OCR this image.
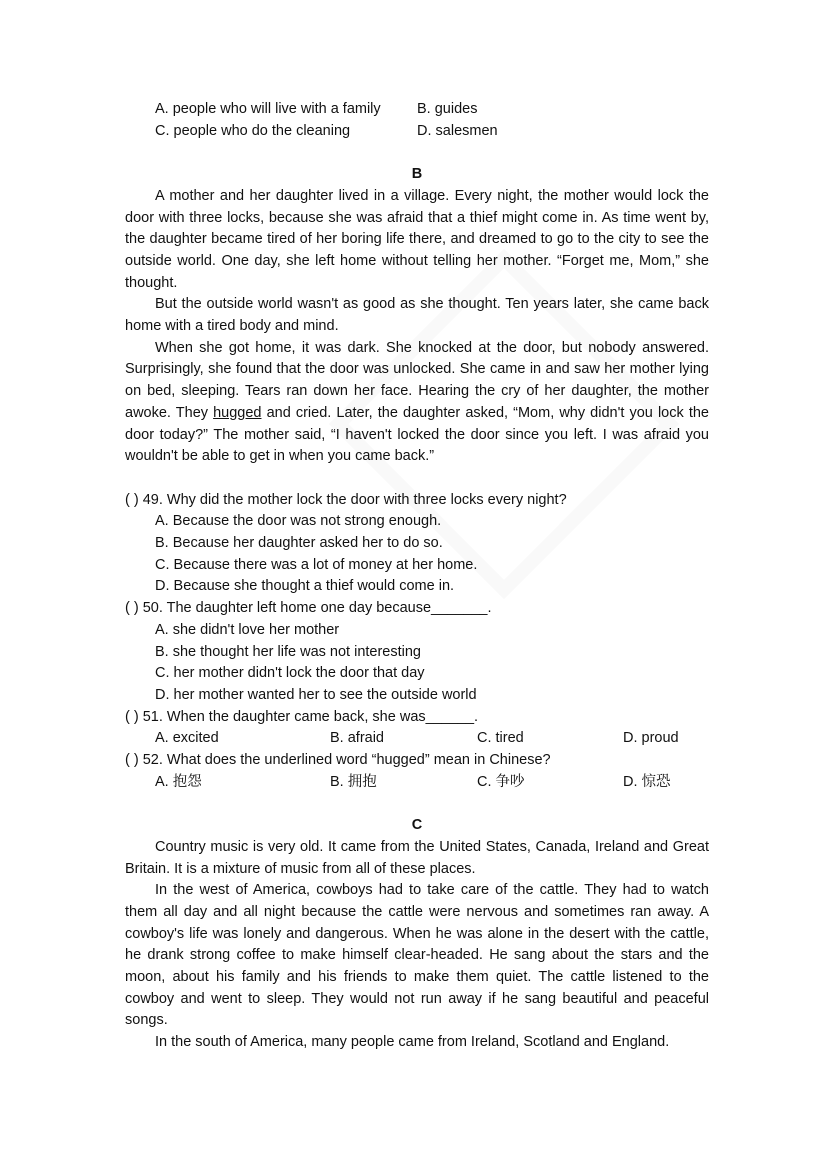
A. people who will live with a family	B. guides
C. people who do the cleaning	D. salesmen
B

A mother and her daughter lived in a village. Every night, the mother would lock the door with three locks, because she was afraid that a thief might come in. As time went by, the daughter became tired of her boring life there, and dreamed to go to the city to see the outside world. One day, she left home without telling her mother. “Forget me, Mom,” she thought.

But the outside world wasn't as good as she thought. Ten years later, she came back home with a tired body and mind.

When she got home, it was dark. She knocked at the door, but nobody answered. Surprisingly, she found that the door was unlocked. She came in and saw her mother lying on bed, sleeping. Tears ran down her face. Hearing the cry of her daughter, the mother awoke. They hugged and cried. Later, the daughter asked, “Mom, why didn't you lock the door today?” The mother said, “I haven't locked the door since you left. I was afraid you wouldn't be able to get in when you came back.”

( ) 49. Why did the mother lock the door with three locks every night?

A. Because the door was not strong enough.
B. Because her daughter asked her to do so.
C. Because there was a lot of money at her home.
D. Because she thought a thief would come in.

( ) 50. The daughter left home one day because_______.

A. she didn't love her mother
B. she thought her life was not interesting
C. her mother didn't lock the door that day
D. her mother wanted her to see the outside world

( ) 51. When the daughter came back, she was______.

A. excited	B. afraid	C. tired	D. proud

( ) 52. What does the underlined word “hugged” mean in Chinese?

A. 抱怨	B. 拥抱	C. 争吵	D. 惊恐
C

Country music is very old. It came from the United States, Canada, Ireland and Great Britain. It is a mixture of music from all of these places.

In the west of America, cowboys had to take care of the cattle. They had to watch them all day and all night because the cattle were nervous and sometimes ran away. A cowboy's life was lonely and dangerous. When he was alone in the desert with the cattle, he drank strong coffee to make himself clear-headed. He sang about the stars and the moon, about his family and his friends to make them quiet. The cattle listened to the cowboy and went to sleep. They would not run away if he sang beautiful and peaceful songs.

In the south of America, many people came from Ireland, Scotland and England.
